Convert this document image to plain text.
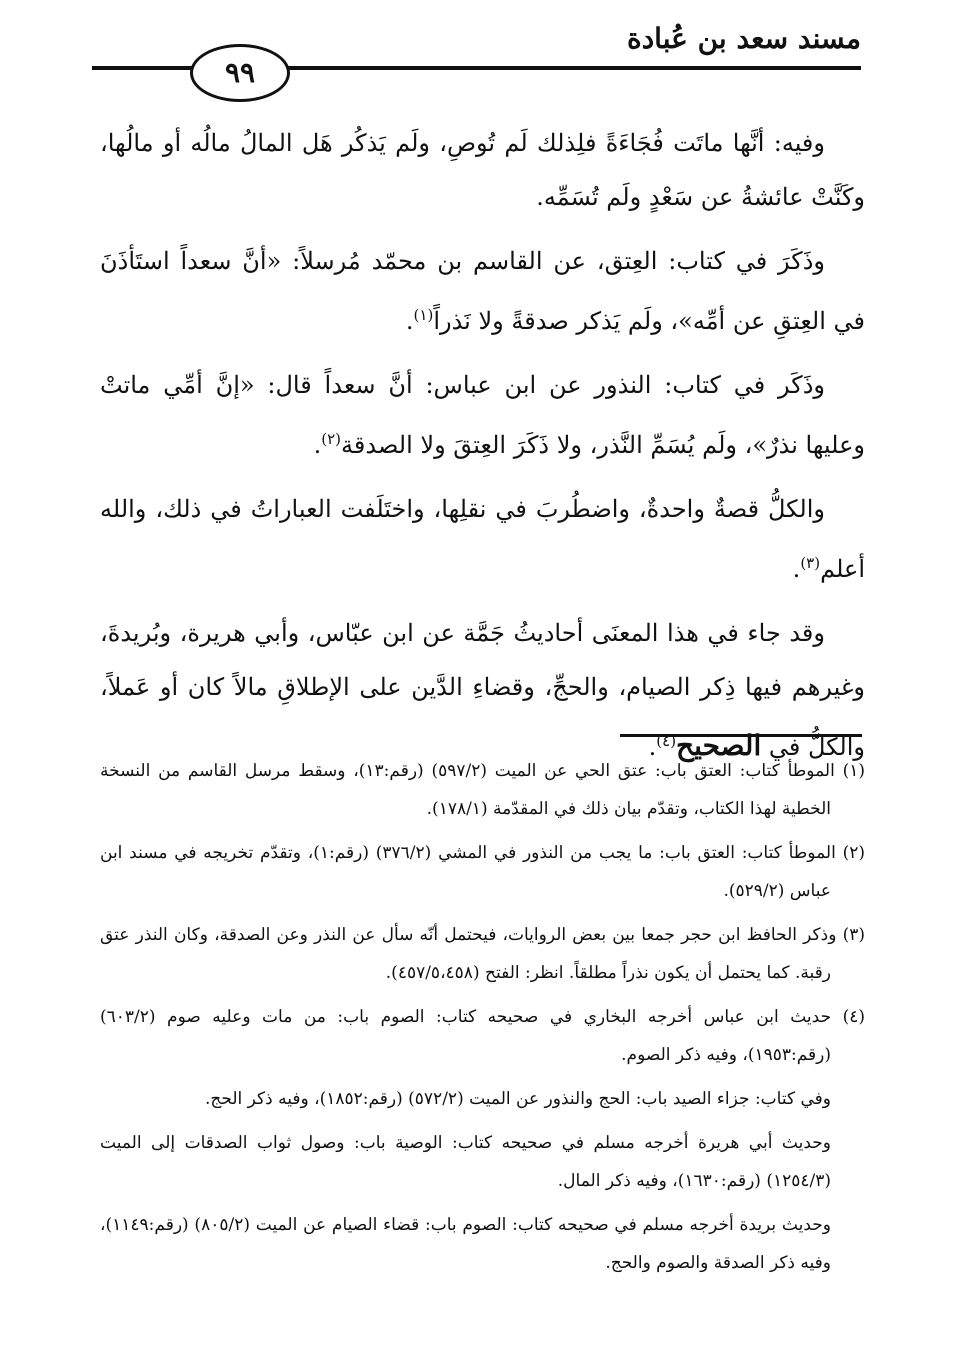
مسند سعد بن عُبادة
٩٩

وفيه: أنَّها ماتَت فُجَاءَةً فلِذلك لَم تُوصِ، ولَم يَذكُر هَل المالُ مالُه أو مالُها، وكَنَّتْ عائشةُ عن سَعْدٍ ولَم تُسَمِّه.

وذَكَرَ في كتاب: العِتق، عن القاسم بن محمّد مُرسلاً: «أنَّ سعداً استَأذَنَ في العِتقِ عن أمِّه»، ولَم يَذكر صدقةً ولا نَذراً$^{(١)}$.

وذَكَر في كتاب: النذور عن ابن عباس: أنَّ سعداً قال: «إنَّ أمِّي ماتتْ وعليها نذرٌ»، ولَم يُسَمِّ النَّذر، ولا ذَكَرَ العِتقَ ولا الصدقة$^{(٢)}$.

والكلُّ قصةٌ واحدةٌ، واضطُربَ في نقلِها، واختَلَفت العباراتُ في ذلك، والله أعلم$^{(٣)}$.

وقد جاء في هذا المعنَى أحاديثُ جَمَّة عن ابن عبّاس، وأبي هريرة، وبُريدةَ، وغيرهم فيها ذِكر الصيام، والحجِّ، وقضاءِ الدَّين على الإطلاقِ مالاً كان أو عَملاً، والكلُّ في الصحيح$^{(٤)}$.

(١) الموطأ كتاب: العتق باب: عتق الحي عن الميت (٥٩٧/٢) (رقم:١٣)، وسقط مرسل القاسم من النسخة الخطية لهذا الكتاب، وتقدّم بيان ذلك في المقدّمة (١٧٨/١).
(٢) الموطأ كتاب: العتق باب: ما يجب من النذور في المشي (٣٧٦/٢) (رقم:١)، وتقدّم تخريجه في مسند ابن عباس (٥٢٩/٢).
(٣) وذكر الحافظ ابن حجر جمعا بين بعض الروايات، فيحتمل أنّه سأل عن النذر وعن الصدقة، وكان النذر عتق رقبة. كما يحتمل أن يكون نذراً مطلقاً. انظر: الفتح (٤٥٧/٥،٤٥٨).
(٤) حديث ابن عباس أخرجه البخاري في صحيحه كتاب: الصوم باب: من مات وعليه صوم (٦٠٣/٢) (رقم:١٩٥٣)، وفيه ذكر الصوم.
وفي كتاب: جزاء الصيد باب: الحج والنذور عن الميت (٥٧٢/٢) (رقم:١٨٥٢)، وفيه ذكر الحج.
وحديث أبي هريرة أخرجه مسلم في صحيحه كتاب: الوصية باب: وصول ثواب الصدقات إلى الميت (١٢٥٤/٣) (رقم:١٦٣٠)، وفيه ذكر المال.
وحديث بريدة أخرجه مسلم في صحيحه كتاب: الصوم باب: قضاء الصيام عن الميت (٨٠٥/٢) (رقم:١١٤٩)، وفيه ذكر الصدقة والصوم والحج.
